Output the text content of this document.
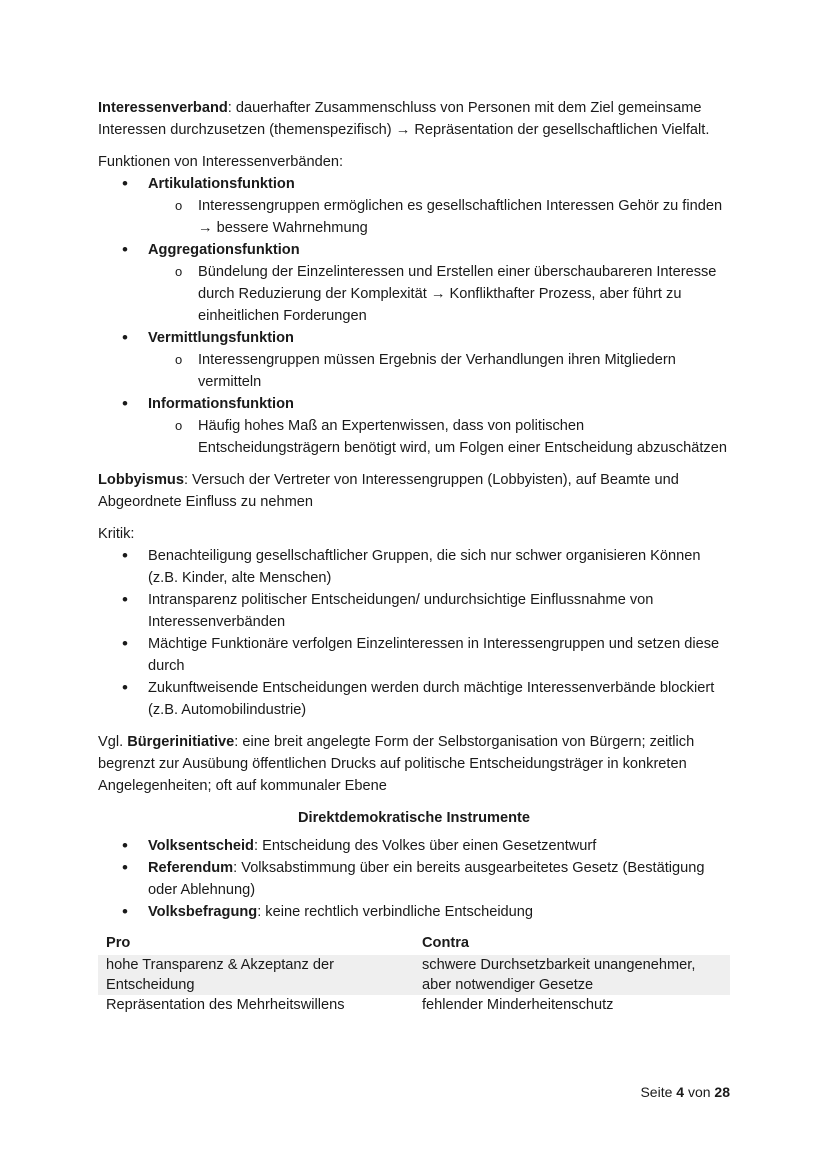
Interessenverband: dauerhafter Zusammenschluss von Personen mit dem Ziel gemeinsame Interessen durchzusetzen (themenspezifisch) → Repräsentation der gesellschaftlichen Vielfalt.

Funktionen von Interessenverbänden:

• Artikulationsfunktion
o Interessengruppen ermöglichen es gesellschaftlichen Interessen Gehör zu finden → bessere Wahrnehmung
• Aggregationsfunktion
o Bündelung der Einzelinteressen und Erstellen einer überschaubareren Interesse durch Reduzierung der Komplexität → Konflikthafter Prozess, aber führt zu einheitlichen Forderungen
• Vermittlungsfunktion
o Interessengruppen müssen Ergebnis der Verhandlungen ihren Mitgliedern vermitteln
• Informationsfunktion
o Häufig hohes Maß an Expertenwissen, dass von politischen Entscheidungsträgern benötigt wird, um Folgen einer Entscheidung abzuschätzen

Lobbyismus: Versuch der Vertreter von Interessengruppen (Lobbyisten), auf Beamte und Abgeordnete Einfluss zu nehmen

Kritik:

• Benachteiligung gesellschaftlicher Gruppen, die sich nur schwer organisieren Können (z.B. Kinder, alte Menschen)
• Intransparenz politischer Entscheidungen/ undurchsichtige Einflussnahme von Interessenverbänden
• Mächtige Funktionäre verfolgen Einzelinteressen in Interessengruppen und setzen diese durch
• Zukunftweisende Entscheidungen werden durch mächtige Interessenverbände blockiert (z.B. Automobilindustrie)

Vgl. Bürgerinitiative: eine breit angelegte Form der Selbstorganisation von Bürgern; zeitlich begrenzt zur Ausübung öffentlichen Drucks auf politische Entscheidungsträger in konkreten Angelegenheiten; oft auf kommunaler Ebene

Direktdemokratische Instrumente

• Volksentscheid: Entscheidung des Volkes über einen Gesetzentwurf
• Referendum: Volksabstimmung über ein bereits ausgearbeitetes Gesetz (Bestätigung oder Ablehnung)
• Volksbefragung: keine rechtlich verbindliche Entscheidung
Pro	Contra
hohe Transparenz & Akzeptanz der Entscheidung	schwere Durchsetzbarkeit unangenehmer, aber notwendiger Gesetze
Repräsentation des Mehrheitswillens	fehlender Minderheitenschutz
Seite 4 von 28
